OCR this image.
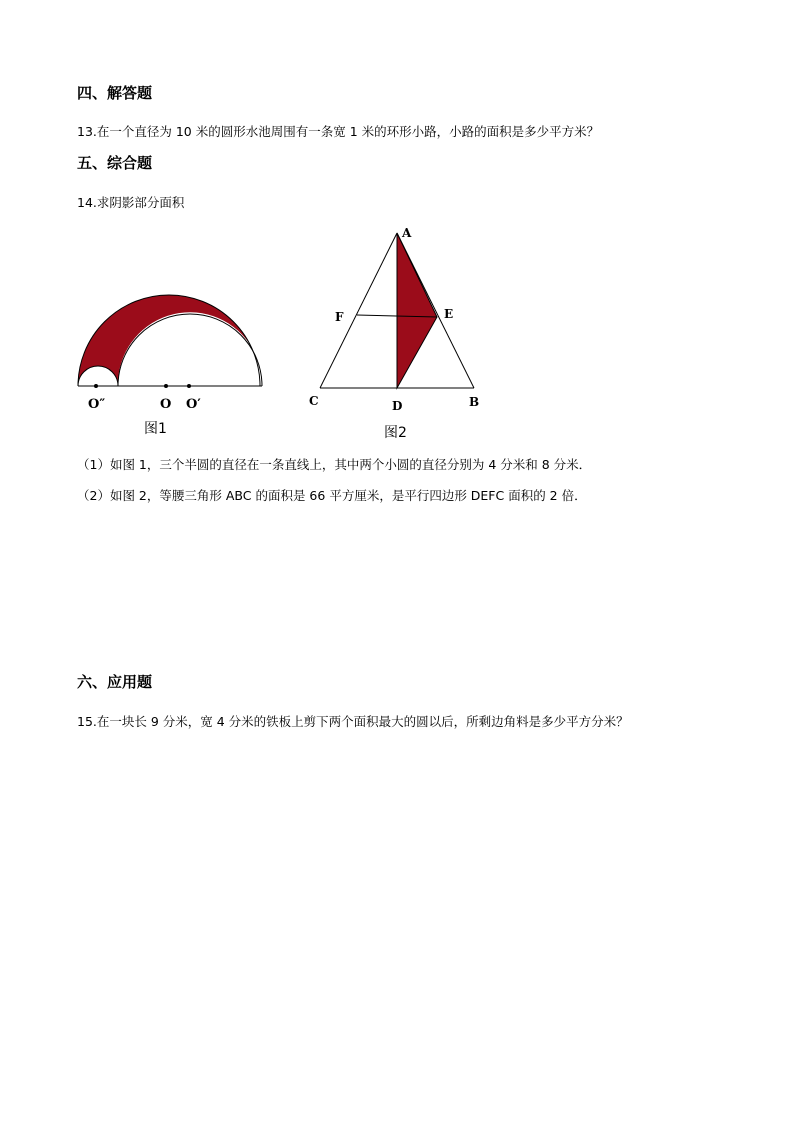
四、解答题
13.在一个直径为 10 米的圆形水池周围有一条宽 1 米的环形小路，小路的面积是多少平方米？
五、综合题
14.求阴影部分面积
O″	O O′
图1
A
F	E
C	D	B
图2
（1）如图 1，三个半圆的直径在一条直线上，其中两个小圆的直径分别为 4 分米和 8 分米．
（2）如图 2，等腰三角形 ABC 的面积是 66 平方厘米，是平行四边形 DEFC 面积的 2 倍．
六、应用题
15.在一块长 9 分米，宽 4 分米的铁板上剪下两个面积最大的圆以后，所剩边角料是多少平方分米？
